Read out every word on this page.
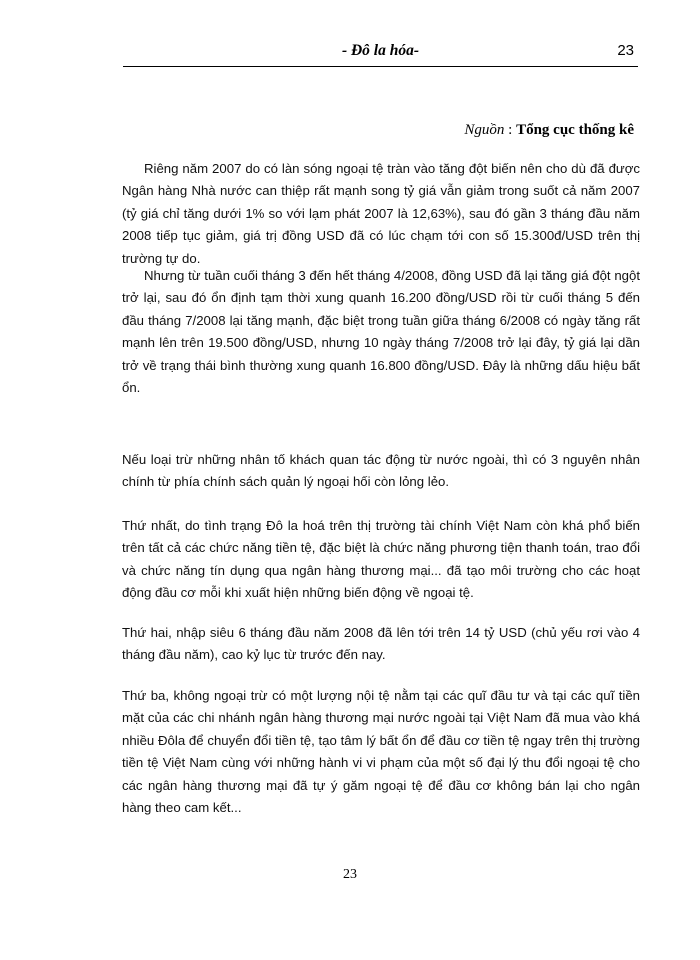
- Đô la hóa-	23
Nguồn : Tổng cục thống kê

Riêng năm 2007 do có làn sóng ngoại tệ tràn vào tăng đột biến nên cho dù đã được Ngân hàng Nhà nước can thiệp rất mạnh song tỷ giá vẫn giảm trong suốt cả năm 2007 (tỷ giá chỉ tăng dưới 1% so với lạm phát 2007 là 12,63%), sau đó gần 3 tháng đầu năm 2008 tiếp tục giảm, giá trị đồng USD đã có lúc chạm tới con số 15.300đ/USD trên thị trường tự do.

Nhưng từ tuần cuối tháng 3 đến hết tháng 4/2008, đồng USD đã lại tăng giá đột ngột trở lại, sau đó ổn định tạm thời xung quanh 16.200 đồng/USD rồi từ cuối tháng 5 đến đầu tháng 7/2008 lại tăng mạnh, đặc biệt trong tuần giữa tháng 6/2008 có ngày tăng rất mạnh lên trên 19.500 đồng/USD, nhưng 10 ngày tháng 7/2008 trở lại đây, tỷ giá lại dần trở về trạng thái bình thường xung quanh 16.800 đồng/USD. Đây là những dấu hiệu bất ổn.

Nếu loại trừ những nhân tố khách quan tác động từ nước ngoài, thì có 3 nguyên nhân chính từ phía chính sách quản lý ngoại hối còn lỏng lẻo.

Thứ nhất, do tình trạng Đô la hoá trên thị trường tài chính Việt Nam còn khá phổ biến trên tất cả các chức năng tiền tệ, đặc biệt là chức năng phương tiện thanh toán, trao đổi và chức năng tín dụng qua ngân hàng thương mại... đã tạo môi trường cho các hoạt động đầu cơ mỗi khi xuất hiện những biến động về ngoại tệ.

Thứ hai, nhập siêu 6 tháng đầu năm 2008 đã lên tới trên 14 tỷ USD (chủ yếu rơi vào 4 tháng đầu năm), cao kỷ lục từ trước đến nay.

Thứ ba, không ngoại trừ có một lượng nội tệ nằm tại các quĩ đầu tư và tại các quĩ tiền mặt của các chi nhánh ngân hàng thương mại nước ngoài tại Việt Nam đã mua vào khá nhiều Đôla để chuyển đổi tiền tệ, tạo tâm lý bất ổn để đầu cơ tiền tệ ngay trên thị trường tiền tệ Việt Nam cùng với những hành vi vi phạm của một số đại lý thu đổi ngoại tệ cho các ngân hàng thương mại đã tự ý găm ngoại tệ để đầu cơ không bán lại cho ngân hàng theo cam kết...

23
